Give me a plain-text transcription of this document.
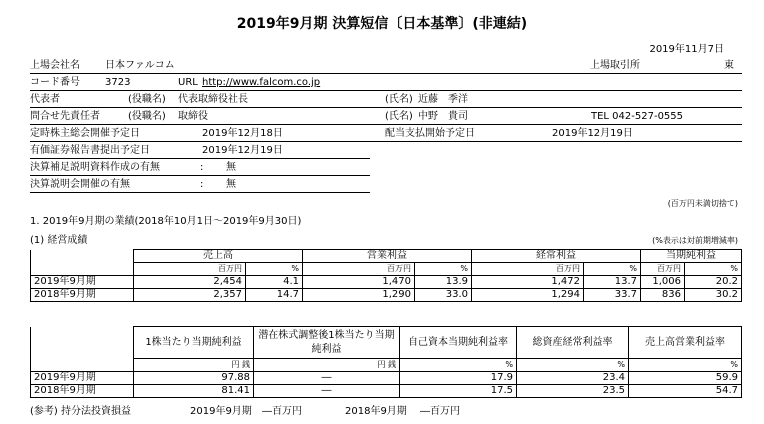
2019年9月期 決算短信〔日本基準〕(非連結)
2019年11月7日
上場会社名	日本ファルコム	上場取引所	東
コード番号	3723	URL http://www.falcom.co.jp
代表者	(役職名) 代表取締役社長	(氏名) 近藤　季洋
問合せ先責任者	(役職名) 取締役	(氏名) 中野　貴司	TEL 042-527-0555
定時株主総会開催予定日	2019年12月18日	配当支払開始予定日	2019年12月19日
有価証券報告書提出予定日	2019年12月19日
決算補足説明資料作成の有無	: 無
決算説明会開催の有無	: 無
(百万円未満切捨て)
1. 2019年9月期の業績(2018年10月1日～2019年9月30日)
(1) 経営成績	(%表示は対前期増減率)
	売上高		営業利益		経常利益		当期純利益	
	百万円	%	百万円	%	百万円	%	百万円	%
2019年9月期	2,454	4.1	1,470	13.9	1,472	13.7	1,006	20.2
2018年9月期	2,357	14.7	1,290	33.0	1,294	33.7	836	30.2
	1株当たり当期純利益	潜在株式調整後1株当たり当期純利益	自己資本当期純利益率	総資産経常利益率	売上高営業利益率
	円 銭	円 銭	%	%	%
2019年9月期	97.88	―	17.9	23.4	59.9
2018年9月期	81.41	―	17.5	23.5	54.7
(参考) 持分法投資損益	2019年9月期 ―百万円	2018年9月期 ―百万円
